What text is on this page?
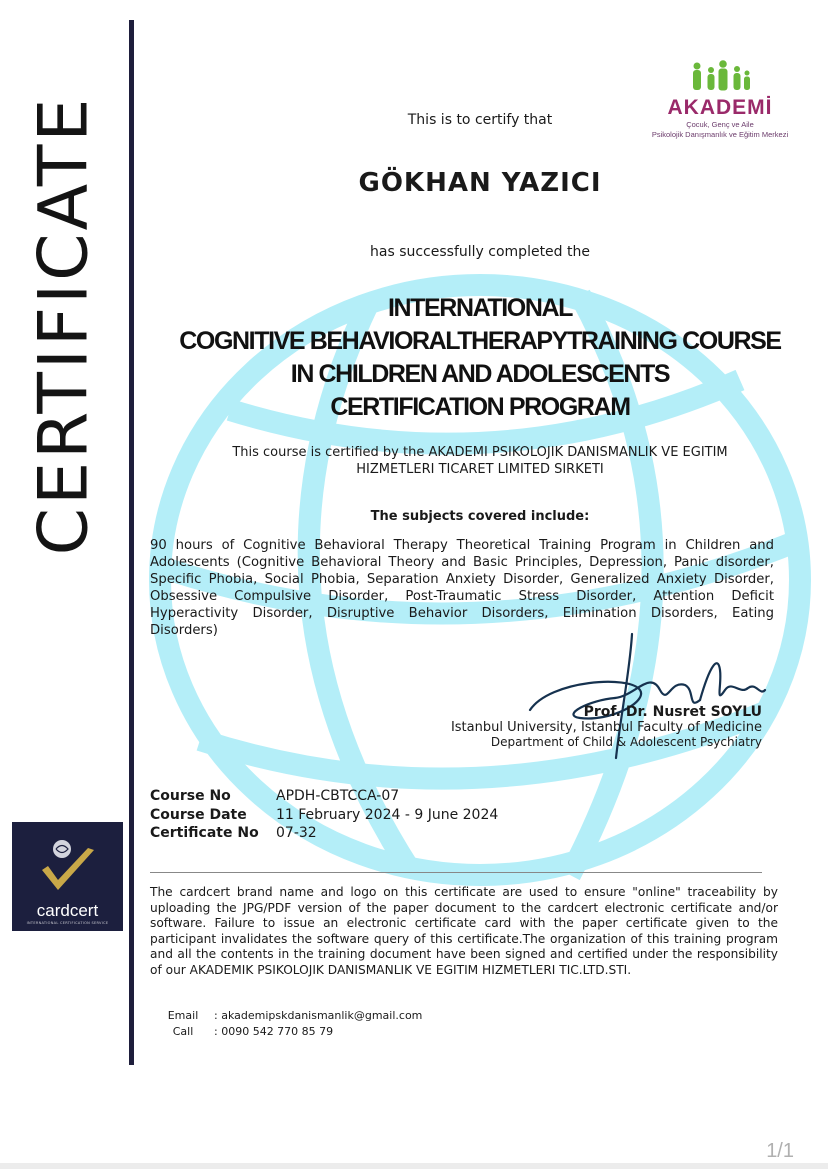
CERTIFICATE	AKADEMİ
Çocuk, Genç ve Aile
Psikolojik Danışmanlık ve Eğitim Merkezi
This is to certify that
GÖKHAN YAZICI
has successfully completed the
INTERNATIONAL
COGNITIVE BEHAVIORALTHERAPYTRAINING COURSE
IN CHILDREN AND ADOLESCENTS
CERTIFICATION PROGRAM
This course is certified by the AKADEMI PSIKOLOJIK DANISMANLIK VE EGITIM
HIZMETLERI TICARET LIMITED SIRKETI
The subjects covered include:
90 hours of Cognitive Behavioral Therapy Theoretical Training Program in Children and Adolescents (Cognitive Behavioral Theory and Basic Principles, Depression, Panic disorder, Specific Phobia, Social Phobia, Separation Anxiety Disorder, Generalized Anxiety Disorder, Obsessive Compulsive Disorder, Post-Traumatic Stress Disorder, Attention Deficit Hyperactivity Disorder, Disruptive Behavior Disorders, Elimination Disorders, Eating Disorders)
Prof. Dr. Nusret SOYLU
Istanbul University, Istanbul Faculty of Medicine
Department of Child & Adolescent Psychiatry
Course No	APDH-CBTCCA-07
Course Date	11 February 2024 - 9 June 2024
Certificate No	07-32
The cardcert brand name and logo on this certificate are used to ensure "online" traceability by uploading the JPG/PDF version of the paper document to the cardcert electronic certificate and/or software. Failure to issue an electronic certificate card with the paper certificate given to the participant invalidates the software query of this certificate.The organization of this training program and all the contents in the training document have been signed and certified under the responsibility of our AKADEMIK PSIKOLOJIK DANISMANLIK VE EGITIM HIZMETLERI TIC.LTD.STI.
Email	: akademipskdanismanlik@gmail.com
Call	: 0090 542 770 85 79
cardcert
INTERNATIONAL CERTIFICATION SERVICE
1/1
